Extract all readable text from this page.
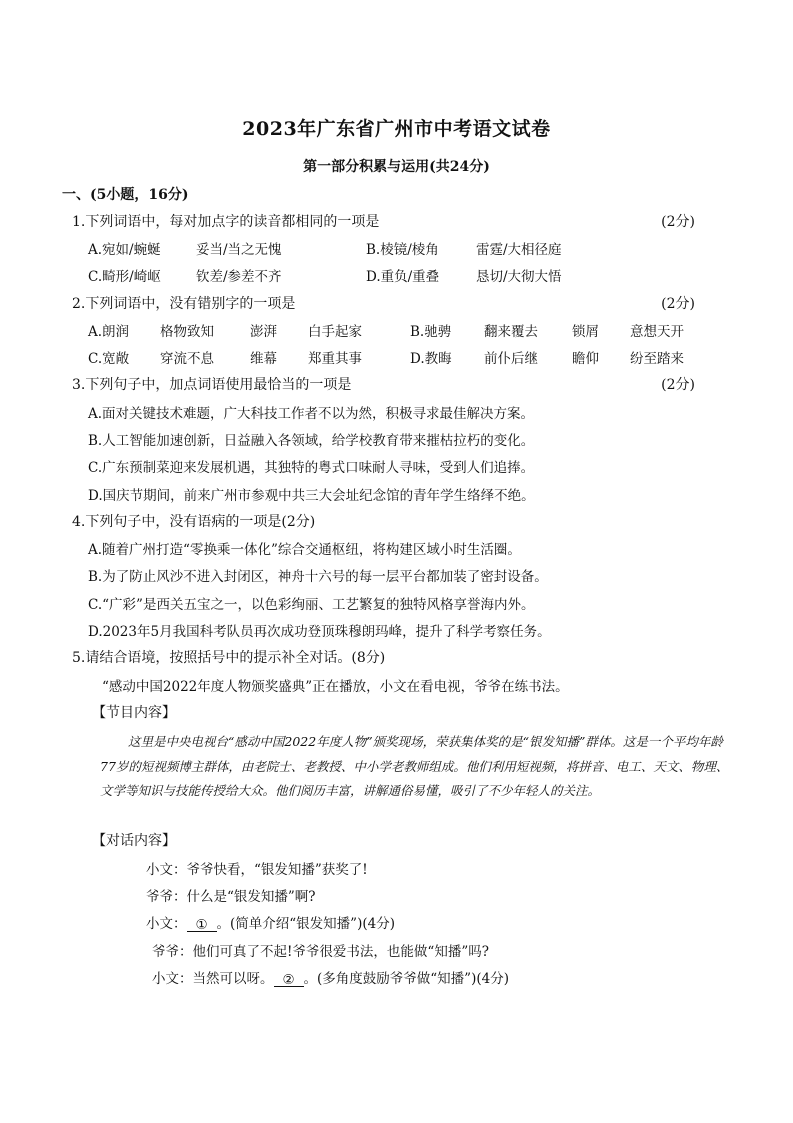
2023年广东省广州市中考语文试卷
第一部分积累与运用(共24分)
一、(5小题，16分)
1.下列词语中，每对加点字的读音都相同的一项是	(2分)
A.宛如/蜿蜒	妥当/当之无愧	B.棱镜/棱角	雷霆/大相径庭
C.畸形/崎岖	钦差/参差不齐	D.重负/重叠	恳切/大彻大悟
2.下列词语中，没有错别字的一项是	(2分)
A.朗润 格物致知	澎湃 白手起家	B.驰骋 翻来覆去	锁屑 意想天开
C.宽敞 穿流不息	维幕 郑重其事	D.教晦 前仆后继	瞻仰 纷至踏来
3.下列句子中，加点词语使用最恰当的一项是	(2分)
A.面对关键技术难题，广大科技工作者不以为然，积极寻求最佳解决方案。
B.人工智能加速创新，日益融入各领域，给学校教育带来摧枯拉朽的变化。
C.广东预制菜迎来发展机遇，其独特的粤式口味耐人寻味，受到人们追捧。
D.国庆节期间，前来广州市参观中共三大会址纪念馆的青年学生络绎不绝。
4.下列句子中，没有语病的一项是(2分)
A.随着广州打造“零换乘一体化”综合交通枢纽，将构建区域小时生活圈。
B.为了防止风沙不进入封闭区，神舟十六号的每一层平台都加装了密封设备。
C.“广彩”是西关五宝之一，以色彩绚丽、工艺繁复的独特风格享誉海内外。
D.2023年5月我国科考队员再次成功登顶珠穆朗玛峰，提升了科学考察任务。
5.请结合语境，按照括号中的提示补全对话。(8分)
“感动中国2022年度人物颁奖盛典”正在播放，小文在看电视，爷爷在练书法。
【节目内容】
这里是中央电视台“感动中国2022年度人物”颁奖现场，荣获集体奖的是“银发知播”群体。这是一个平均年龄77岁的短视频博主群体，由老院士、老教授、中小学老教师组成。他们利用短视频，将拼音、电工、天文、物理、文学等知识与技能传授给大众。他们阅历丰富，讲解通俗易懂，吸引了不少年轻人的关注。
【对话内容】
小文：爷爷快看，“银发知播”获奖了!
爷爷：什么是“银发知播”啊?
小文： ① 。(简单介绍“银发知播”)(4分)
爷爷：他们可真了不起!爷爷很爱书法，也能做“知播”吗?
小文：当然可以呀。 ② 。(多角度鼓励爷爷做“知播”)(4分)
